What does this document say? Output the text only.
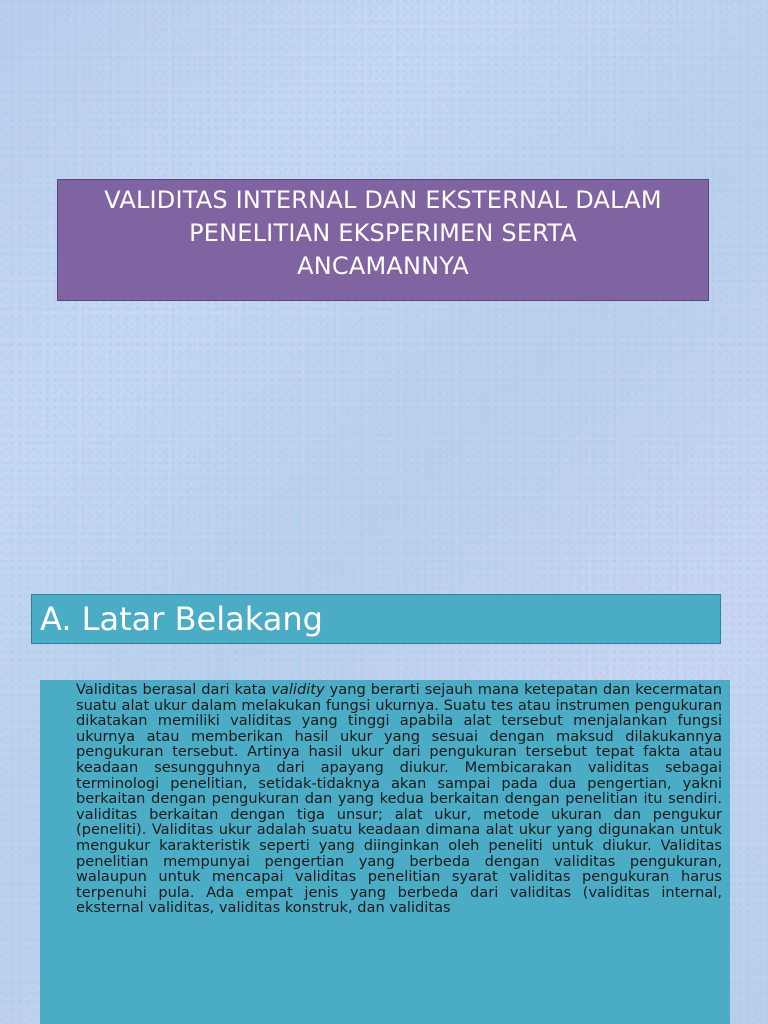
VALIDITAS INTERNAL DAN EKSTERNAL DALAM
PENELITIAN EKSPERIMEN SERTA
ANCAMANNYA
A. Latar Belakang
Validitas berasal dari kata validity yang berarti sejauh mana ketepatan dan kecermatan suatu alat ukur dalam melakukan fungsi ukurnya. Suatu tes atau instrumen pengukuran dikatakan memiliki validitas yang tinggi apabila alat tersebut menjalankan fungsi ukurnya atau memberikan hasil ukur yang sesuai dengan maksud dilakukannya pengukuran tersebut. Artinya hasil ukur dari pengukuran tersebut tepat fakta atau keadaan sesungguhnya dari apayang diukur. Membicarakan validitas sebagai terminologi penelitian, setidak-tidaknya akan sampai pada dua pengertian, yakni berkaitan dengan pengukuran dan yang kedua berkaitan dengan penelitian itu sendiri. validitas berkaitan dengan tiga unsur; alat ukur, metode ukuran dan pengukur (peneliti). Validitas ukur adalah suatu keadaan dimana alat ukur yang digunakan untuk mengukur karakteristik seperti yang diinginkan oleh peneliti untuk diukur. Validitas penelitian mempunyai pengertian yang berbeda dengan validitas pengukuran, walaupun untuk mencapai validitas penelitian syarat validitas pengukuran harus terpenuhi pula. Ada empat jenis yang berbeda dari validitas (validitas internal, eksternal validitas, validitas konstruk, dan validitas
